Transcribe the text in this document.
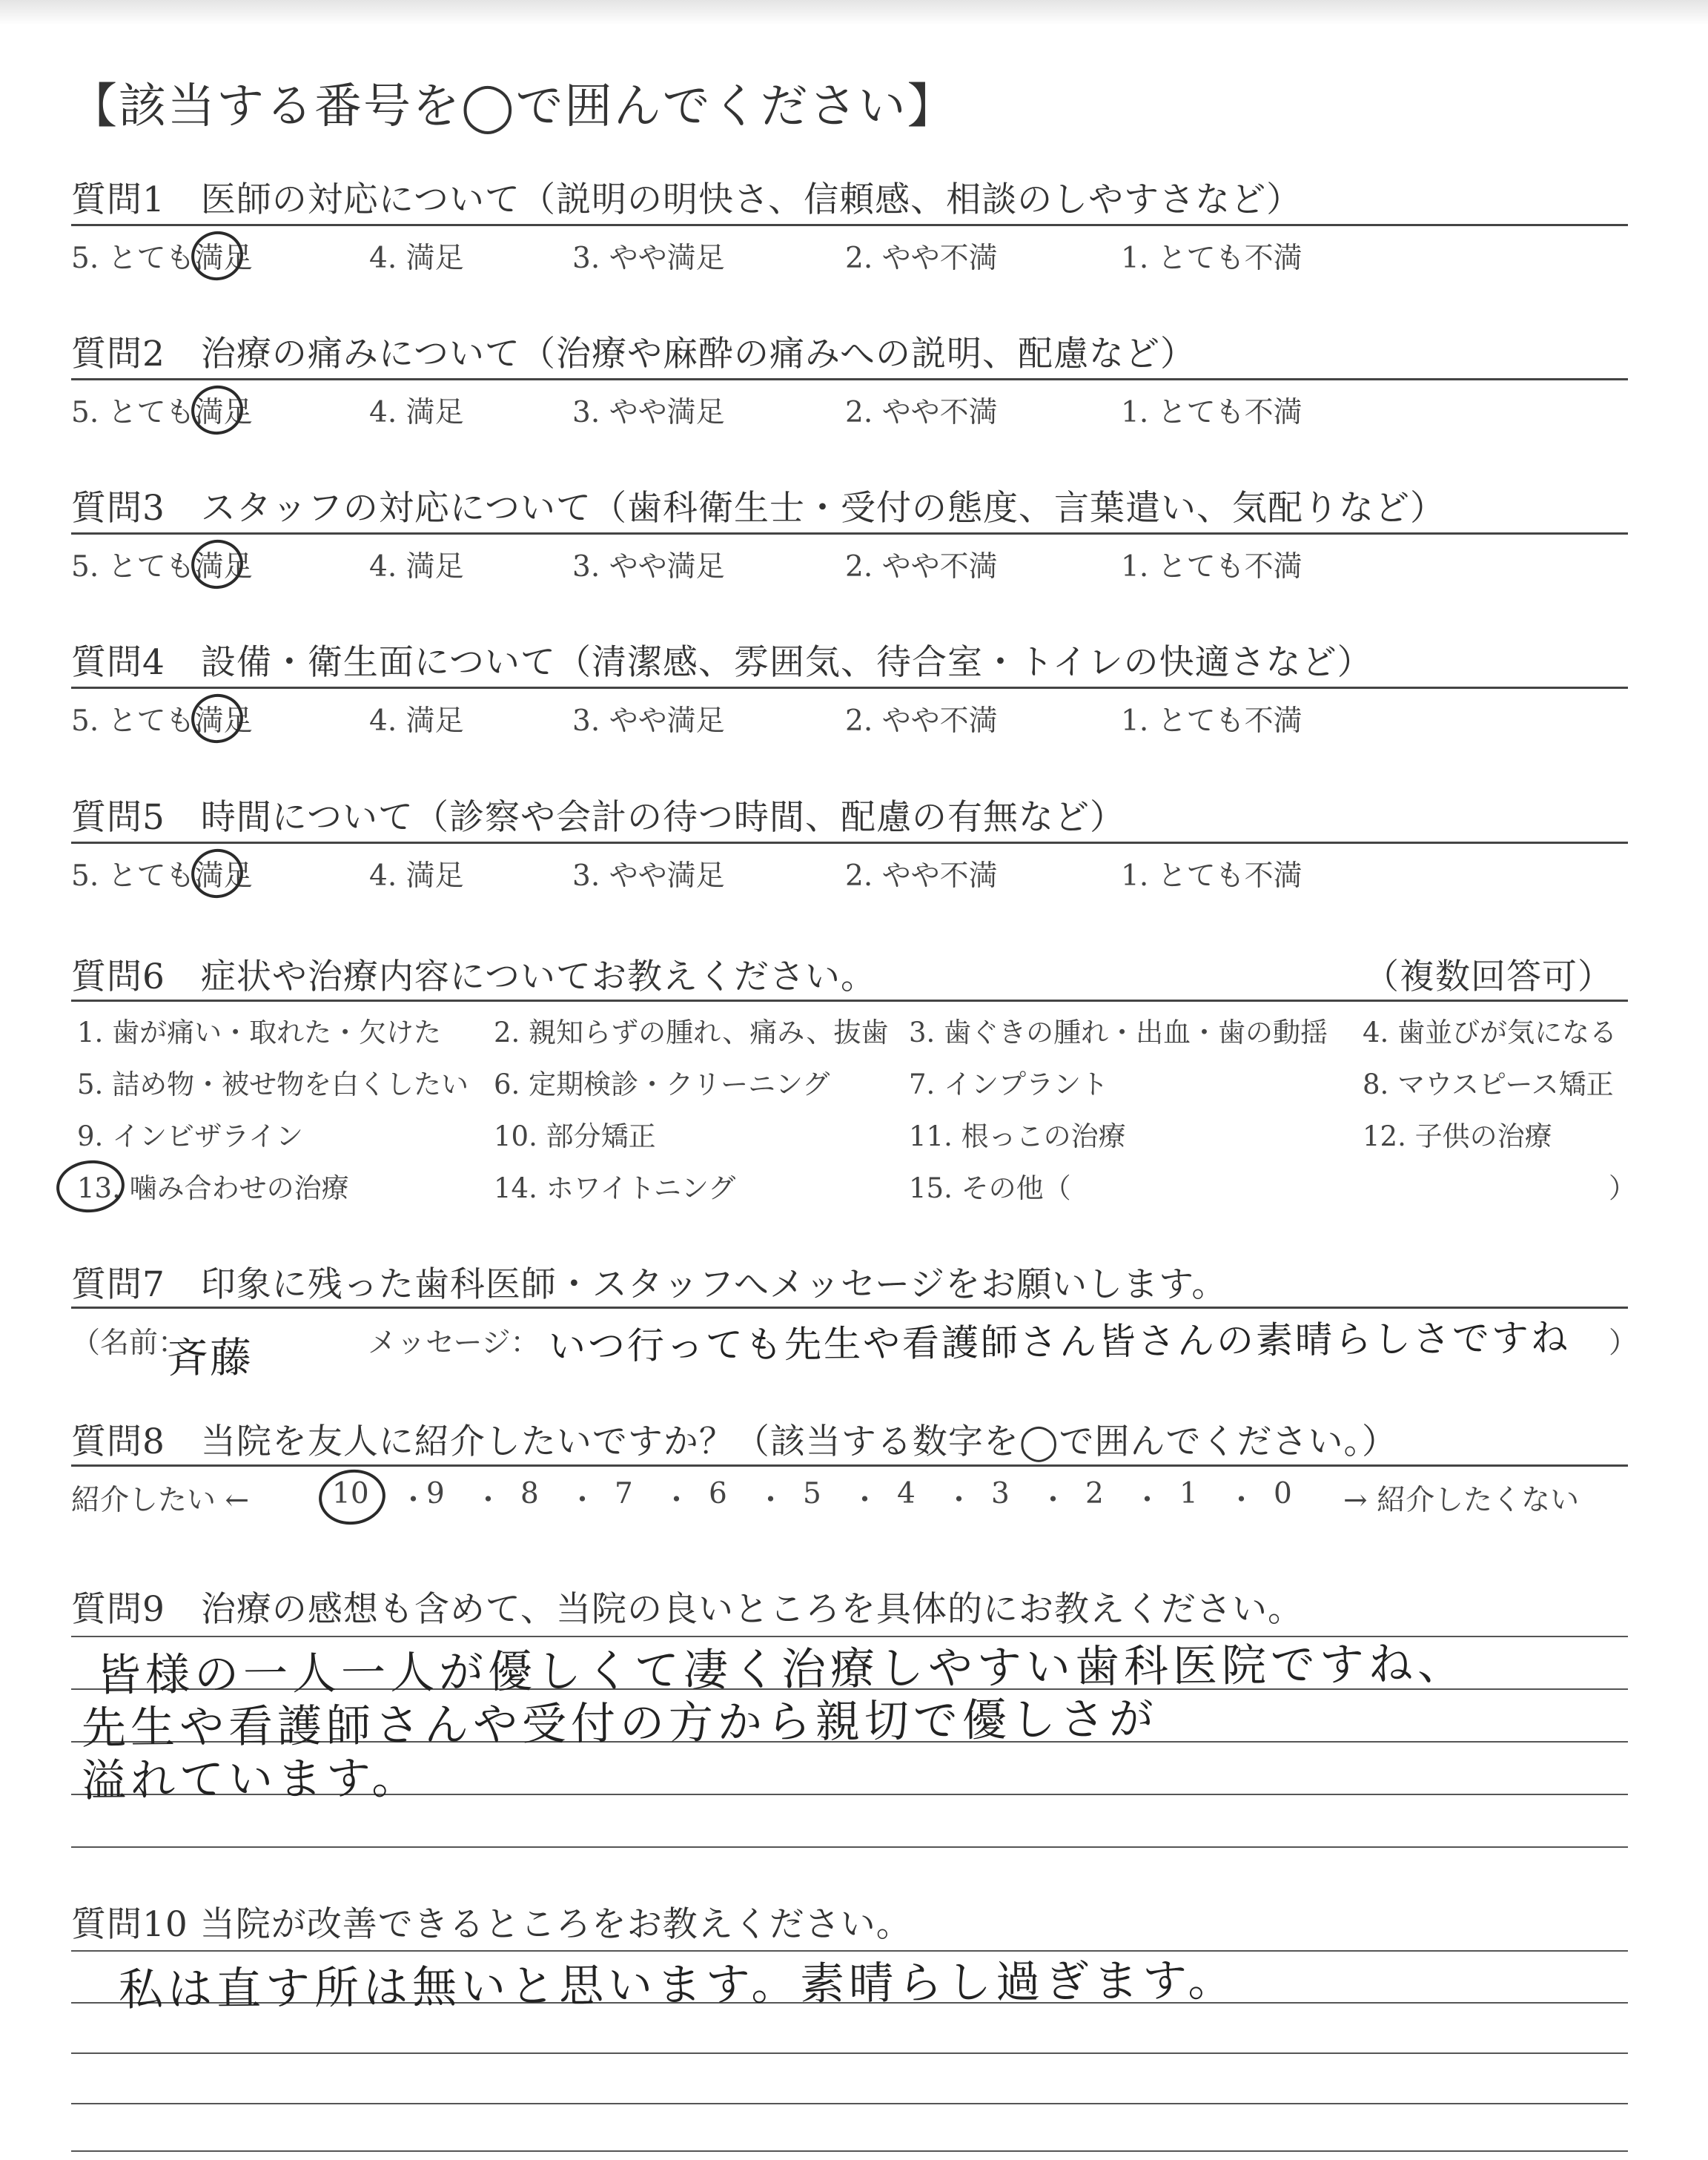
【該当する番号を◯で囲んでください】
質問1　医師の対応について（説明の明快さ、信頼感、相談のしやすさなど）
5. とても満足	4. 満足	3. やや満足	2. やや不満	1. とても不満
質問2　治療の痛みについて（治療や麻酔の痛みへの説明、配慮など）
5. とても満足	4. 満足	3. やや満足	2. やや不満	1. とても不満
質問3　スタッフの対応について（歯科衛生士・受付の態度、言葉遣い、気配りなど）
5. とても満足	4. 満足	3. やや満足	2. やや不満	1. とても不満
質問4　設備・衛生面について（清潔感、雰囲気、待合室・トイレの快適さなど）
5. とても満足	4. 満足	3. やや満足	2. やや不満	1. とても不満
質問5　時間について（診察や会計の待つ時間、配慮の有無など）
5. とても満足	4. 満足	3. やや満足	2. やや不満	1. とても不満
質問6　症状や治療内容についてお教えください。	（複数回答可）
1. 歯が痛い・取れた・欠けた 2. 親知らずの腫れ、痛み、抜歯 3. 歯ぐきの腫れ・出血・歯の動揺 4. 歯並びが気になる
5. 詰め物・被せ物を白くしたい 6. 定期検診・クリーニング	7. インプラント	8. マウスピース矯正
9. インビザライン	10. 部分矯正	11. 根っこの治療	12. 子供の治療
13. 噛み合わせの治療	14. ホワイトニング	15. その他（	）
質問7　印象に残った歯科医師・スタッフへメッセージをお願いします。
（名前：
斉藤	メッセージ： いつ行っても先生や看護師さん皆さんの素晴らしさですね ）
質問8　当院を友人に紹介したいですか？（該当する数字を◯で囲んでください。）
紹介したい ←	10 ・
9 ・ 8 ・ 7 ・ 6 ・ 5 ・ 4 ・ 3 ・ 2 ・ 1 ・ 0 → 紹介したくない
質問9　治療の感想も含めて、当院の良いところを具体的にお教えください。
皆様の一人一人が優しくて凄く治療しやすい歯科医院ですね、
先生や看護師さんや受付の方から親切で優しさが
溢れています。
質問10 当院が改善できるところをお教えください。
私は直す所は無いと思います。素晴らし過ぎます。
